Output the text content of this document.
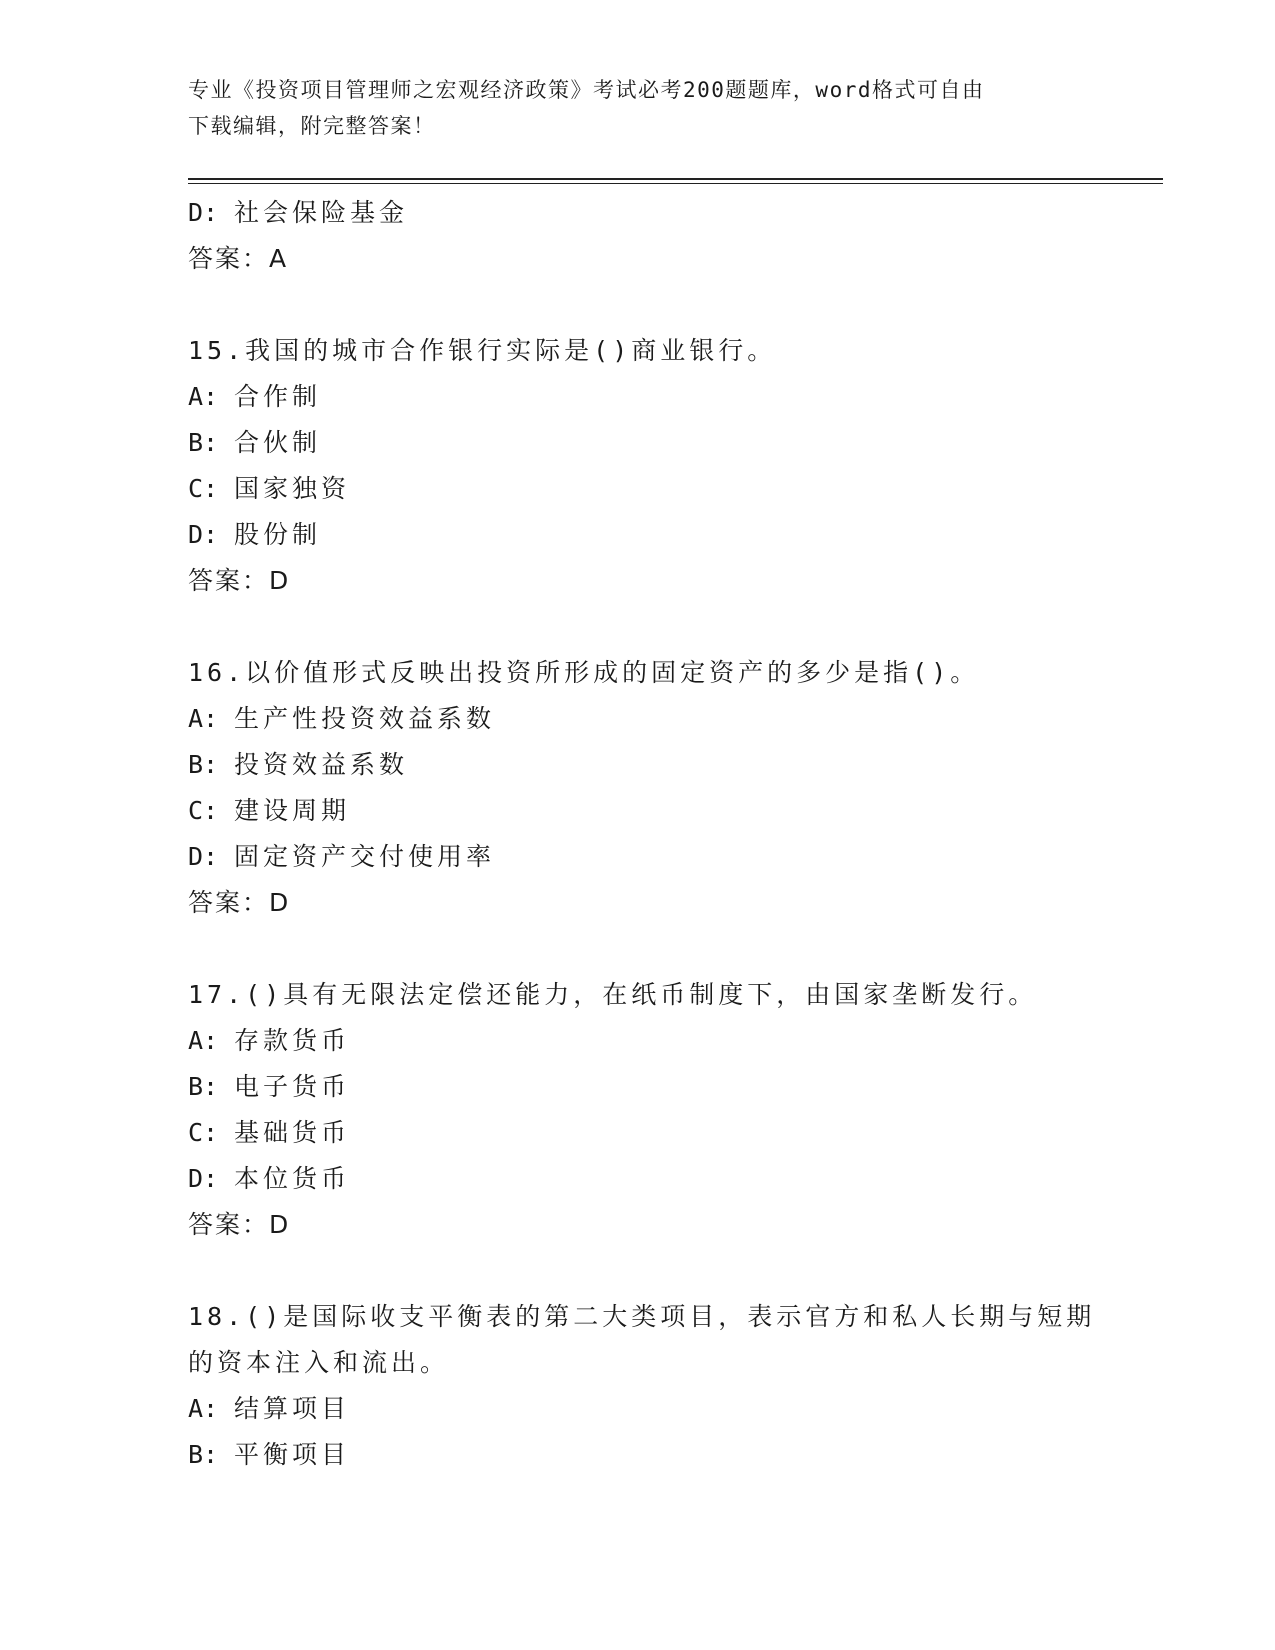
专业《投资项目管理师之宏观经济政策》考试必考200题题库，word格式可自由
下载编辑，附完整答案！
D: 社会保险基金
答案：A
15.我国的城市合作银行实际是()商业银行。
A: 合作制
B: 合伙制
C: 国家独资
D: 股份制
答案：D
16.以价值形式反映出投资所形成的固定资产的多少是指()。
A: 生产性投资效益系数
B: 投资效益系数
C: 建设周期
D: 固定资产交付使用率
答案：D
17.()具有无限法定偿还能力，在纸币制度下，由国家垄断发行。
A: 存款货币
B: 电子货币
C: 基础货币
D: 本位货币
答案：D
18.()是国际收支平衡表的第二大类项目，表示官方和私人长期与短期
的资本注入和流出。
A: 结算项目
B: 平衡项目
